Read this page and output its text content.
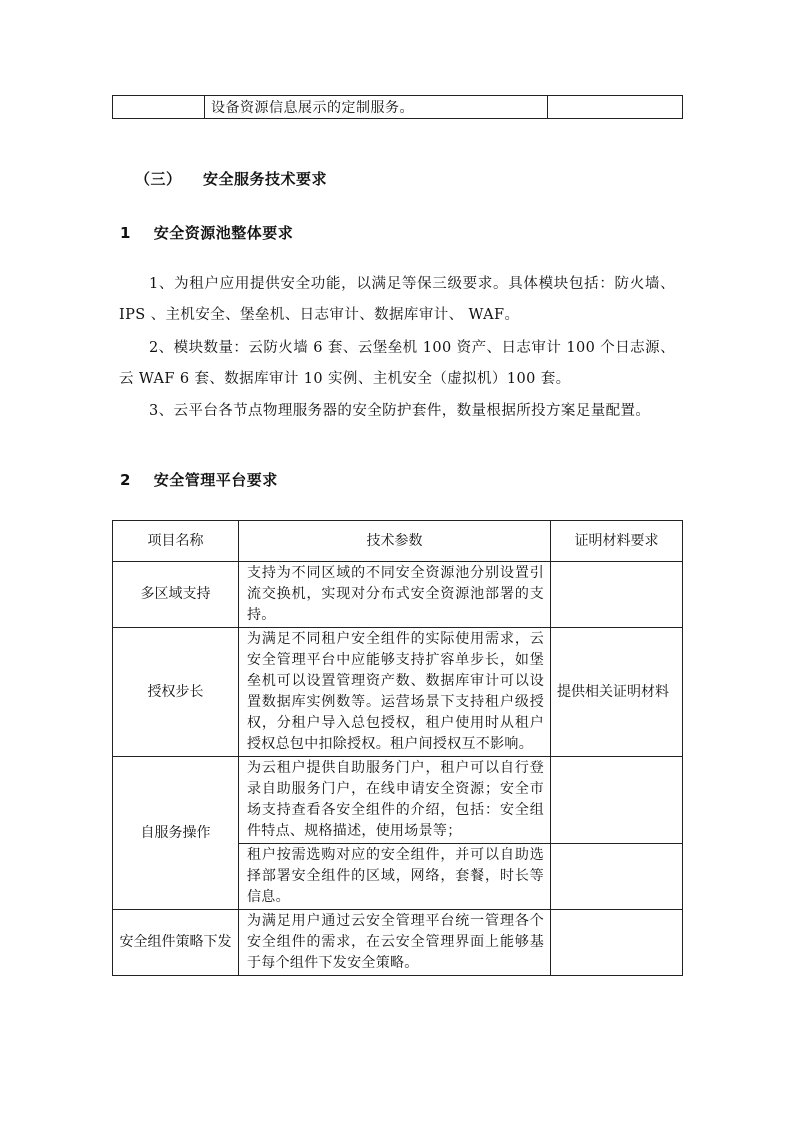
	设备资源信息展示的定制服务。	
（三） 安全服务技术要求
1 安全资源池整体要求
1、为租户应用提供安全功能，以满足等保三级要求。具体模块包括：防火墙、 IPS 、主机安全、堡垒机、日志审计、数据库审计、 WAF。
2、模块数量：云防火墙 6 套、云堡垒机 100 资产、日志审计 100 个日志源、云 WAF 6 套、数据库审计 10 实例、主机安全（虚拟机）100 套。
3、云平台各节点物理服务器的安全防护套件，数量根据所投方案足量配置。
2 安全管理平台要求
项目名称	技术参数	证明材料要求
多区域支持	支持为不同区域的不同安全资源池分别设置引流交换机，实现对分布式安全资源池部署的支持。	
授权步长	为满足不同租户安全组件的实际使用需求，云安全管理平台中应能够支持扩容单步长，如堡垒机可以设置管理资产数、数据库审计可以设置数据库实例数等。运营场景下支持租户级授权，分租户导入总包授权，租户使用时从租户授权总包中扣除授权。租户间授权互不影响。	提供相关证明材料
自服务操作	为云租户提供自助服务门户，租户可以自行登录自助服务门户，在线申请安全资源；安全市场支持查看各安全组件的介绍，包括：安全组件特点、规格描述，使用场景等；	
	租户按需选购对应的安全组件，并可以自助选择部署安全组件的区域，网络，套餐，时长等信息。	
安全组件策略下发	为满足用户通过云安全管理平台统一管理各个安全组件的需求，在云安全管理界面上能够基于每个组件下发安全策略。	
